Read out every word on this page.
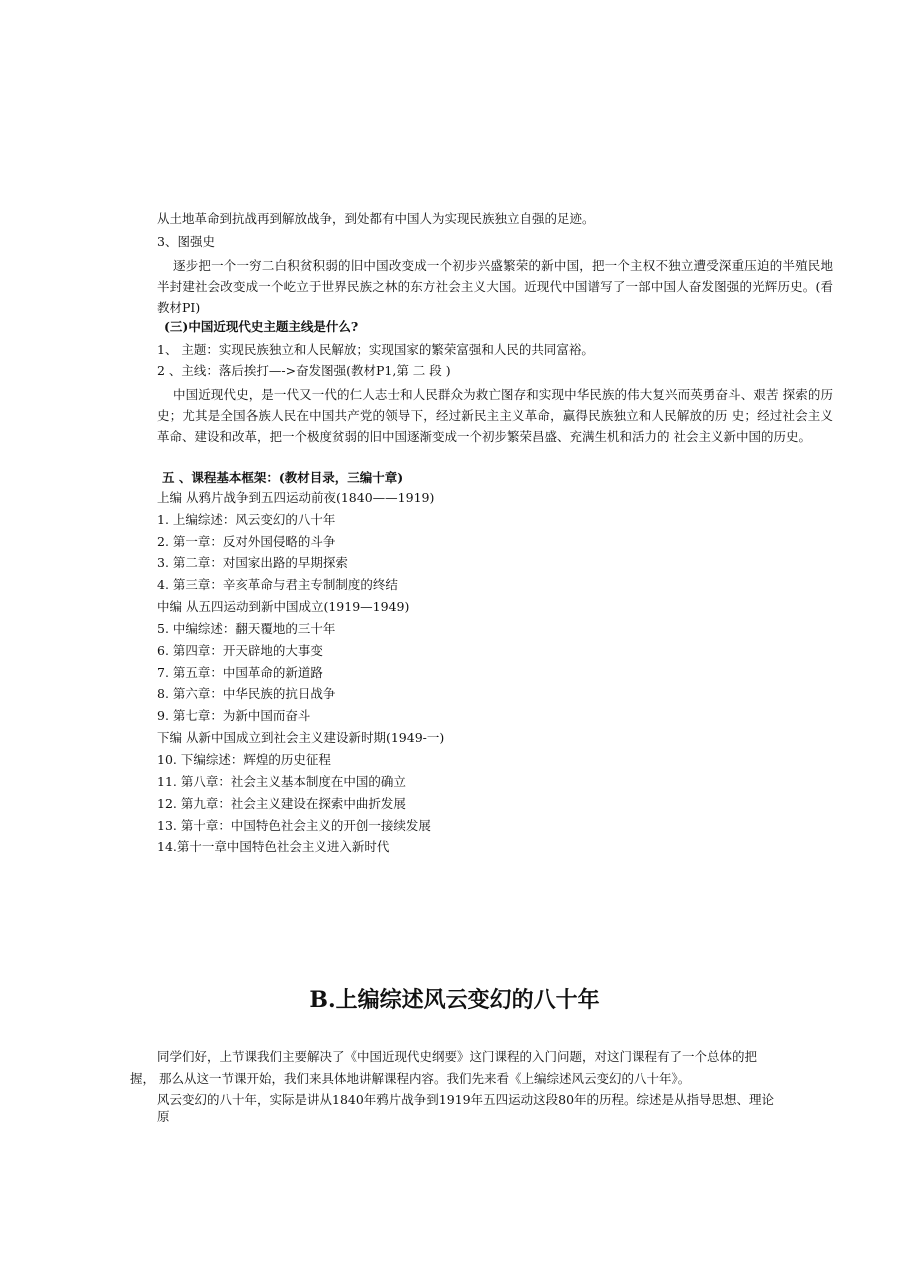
从土地革命到抗战再到解放战争，到处都有中国人为实现民族独立自强的足迹。
3、图强史
逐步把一个一穷二白积贫积弱的旧中国改变成一个初步兴盛繁荣的新中国，把一个主权不独立遭受深重压迫的半殖民地半封建社会改变成一个屹立于世界民族之林的东方社会主义大国。近现代中国谱写了一部中国人奋发图强的光辉历史。(看教材PI)
(三)中国近现代史主题主线是什么?
1、 主题：实现民族独立和人民解放；实现国家的繁荣富强和人民的共同富裕。
2 、主线：落后挨打—->奋发图强(教材P1,第 二 段 )
中国近现代史，是一代又一代的仁人志士和人民群众为救亡图存和实现中华民族的伟大复兴而英勇奋斗、艰苦 探索的历史；尤其是全国各族人民在中国共产党的领导下，经过新民主主义革命，赢得民族独立和人民解放的历 史；经过社会主义革命、建设和改革，把一个极度贫弱的旧中国逐渐变成一个初步繁荣昌盛、充满生机和活力的 社会主义新中国的历史。
五 、课程基本框架：(教材目录，三编十章)
上编 从鸦片战争到五四运动前夜(1840——1919)
1. 上编综述：风云变幻的八十年
2. 第一章：反对外国侵略的斗争
3. 第二章：对国家出路的早期探索
4. 第三章：辛亥革命与君主专制制度的终结
中编 从五四运动到新中国成立(1919—1949)
5. 中编综述：翻天覆地的三十年
6. 第四章：开天辟地的大事变
7. 第五章：中国革命的新道路
8. 第六章：中华民族的抗日战争
9. 第七章：为新中国而奋斗
下编 从新中国成立到社会主义建设新时期(1949-一)
10. 下编综述：辉煌的历史征程
11. 第八章：社会主义基本制度在中国的确立
12. 第九章：社会主义建设在探索中曲折发展
13. 第十章：中国特色社会主义的开创一接续发展
14.第十一章中国特色社会主义进入新时代
B.上编综述风云变幻的八十年
同学们好，上节课我们主要解决了《中国近现代史纲要》这门课程的入门问题，对这门课程有了一个总体的把
握， 那么从这一节课开始，我们来具体地讲解课程内容。我们先来看《上编综述风云变幻的八十年》。
风云变幻的八十年，实际是讲从1840年鸦片战争到1919年五四运动这段80年的历程。综述是从指导思想、理论
原
